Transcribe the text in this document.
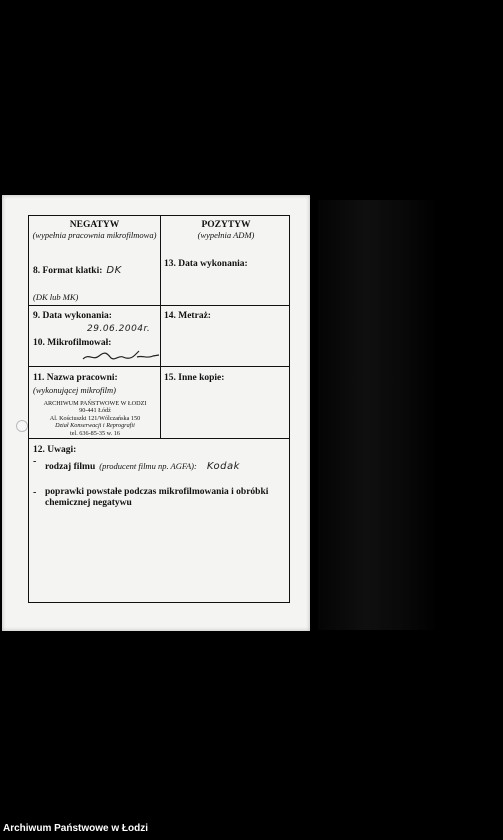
NEGATYW
(wypełnia pracownia mikrofilmowa)
POZYTYW
(wypełnia ADM)
8. Format klatki: DK
(DK lub MK)
13. Data wykonania:
9. Data wykonania:
29.06.2004r.
14. Metraż:
10. Mikrofilmował:
11. Nazwa pracowni:
(wykonującej mikrofilm)
ARCHIWUM PAŃSTWOWE W ŁODZI
90-441 Łódź
Al. Kościuszki 121/Wólczańska 150
Dział Konserwacji i Reprografii
tel. 636-85-35 w. 16
15. Inne kopie:
12. Uwagi:
- rodzaj filmu (producent filmu np. AGFA): Kodak
- poprawki powstałe podczas mikrofilmowania i obróbki chemicznej negatywu
Archiwum Państwowe w Łodzi
